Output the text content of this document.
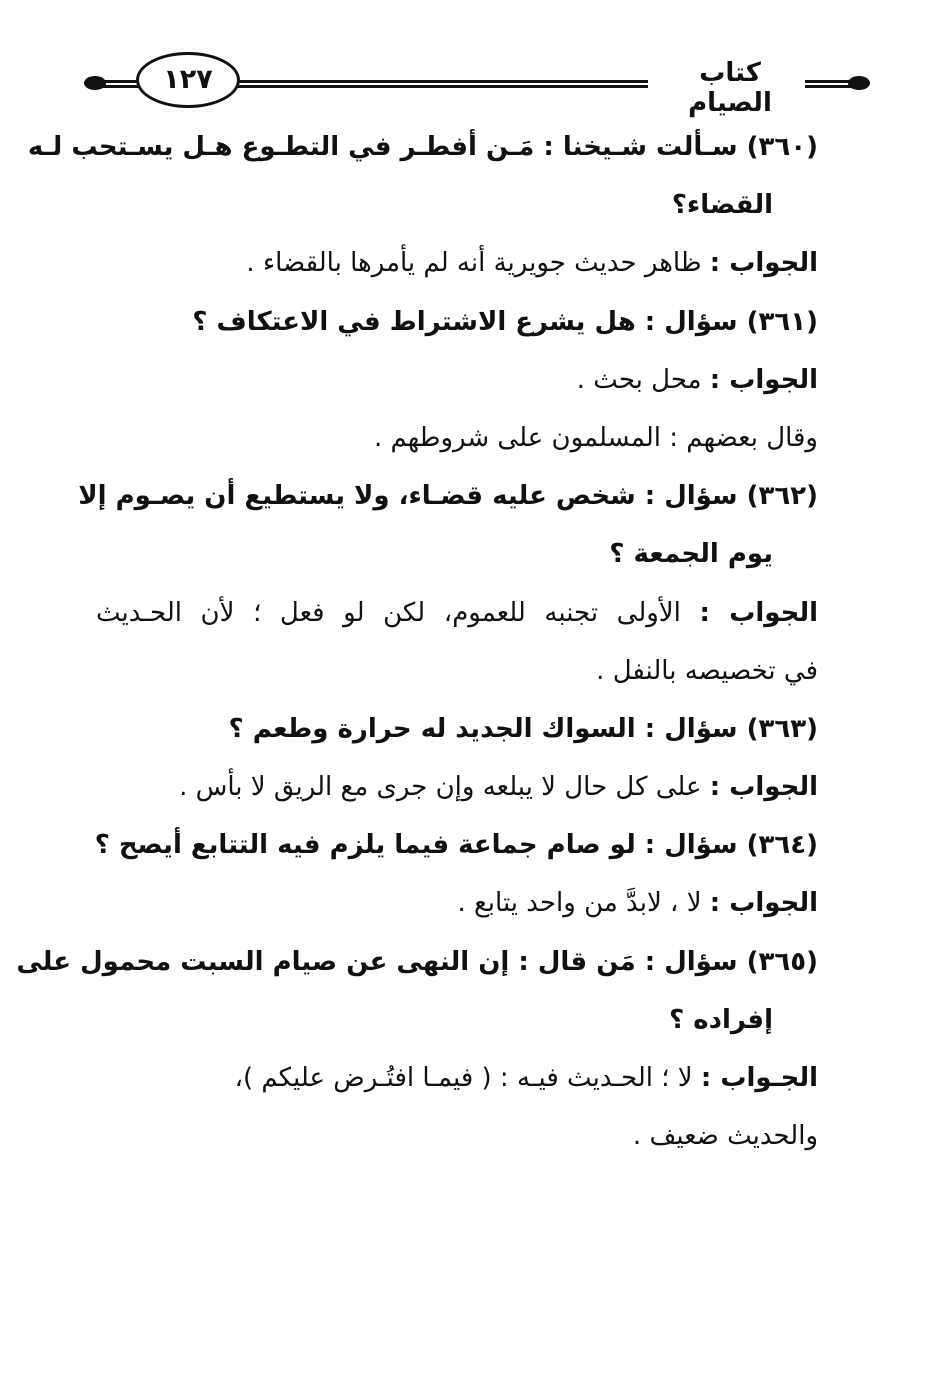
١٢٧	كتاب الصيام
(٣٦٠) سـألت شـيخنا : مَـن أفطـر في التطـوع هـل يسـتحب لـه
القضاء؟
الجواب : ظاهر حديث جويرية أنه لم يأمرها بالقضاء .
(٣٦١) سؤال : هل يشرع الاشتراط في الاعتكاف ؟
الجواب : محل بحث .
وقال بعضهم : المسلمون على شروطهم .
(٣٦٢) سؤال : شخص عليه قضـاء، ولا يستطيع أن يصـوم إلا
يوم الجمعة ؟
الجواب : الأولى تجنبه للعموم، لكن لو فعل ؛ لأن الحـديث
في تخصيصه بالنفل .
(٣٦٣) سؤال : السواك الجديد له حرارة وطعم ؟
الجواب : على كل حال لا يبلعه وإن جرى مع الريق لا بأس .
(٣٦٤) سؤال : لو صام جماعة فيما يلزم فيه التتابع أيصح ؟
الجواب : لا ، لابدَّ من واحد يتابع .
(٣٦٥) سؤال : مَن قال : إن النهى عن صيام السبت محمول على
إفراده ؟
الجـواب : لا ؛ الحـديث فيـه : ( فيمـا افتُـرض عليكم )،
والحديث ضعيف .
